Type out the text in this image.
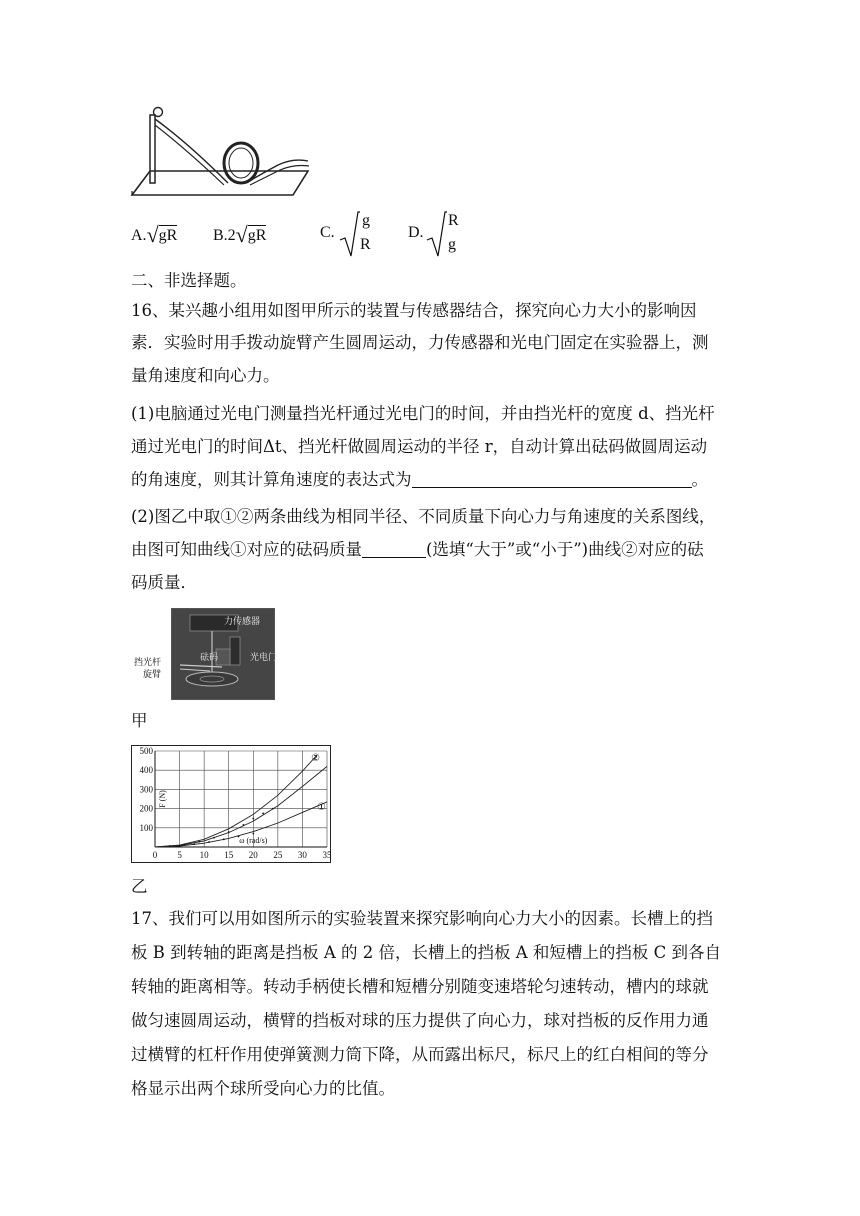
A.√gR B.2√gR	C.
g
R
D.
R
g
二、非选择题。
16、某兴趣小组用如图甲所示的装置与传感器结合，探究向心力大小的影响因
素．实验时用手拨动旋臂产生圆周运动，力传感器和光电门固定在实验器上，测
量角速度和向心力。
(1)电脑通过光电门测量挡光杆通过光电门的时间，并由挡光杆的宽度 d、挡光杆
通过光电门的时间Δt、挡光杆做圆周运动的半径 r，自动计算出砝码做圆周运动
的角速度，则其计算角速度的表达式为	。
(2)图乙中取①②两条曲线为相同半径、不同质量下向心力与角速度的关系图线，
由图可知曲线①对应的砝码质量	(选填“大于”或“小于”)曲线②对应的砝
码质量．
力传感器
光电门
砝码
挡光杆
旋臂
甲
0 5 10 15 20 25 30 35
100
200
300
400
500
②
①
F (N)
ω (rad/s)
乙
17、我们可以用如图所示的实验装置来探究影响向心力大小的因素。长槽上的挡
板 B 到转轴的距离是挡板 A 的 2 倍，长槽上的挡板 A 和短槽上的挡板 C 到各自
转轴的距离相等。转动手柄使长槽和短槽分别随变速塔轮匀速转动，槽内的球就
做匀速圆周运动，横臂的挡板对球的压力提供了向心力，球对挡板的反作用力通
过横臂的杠杆作用使弹簧测力筒下降，从而露出标尺，标尺上的红白相间的等分
格显示出两个球所受向心力的比值。
